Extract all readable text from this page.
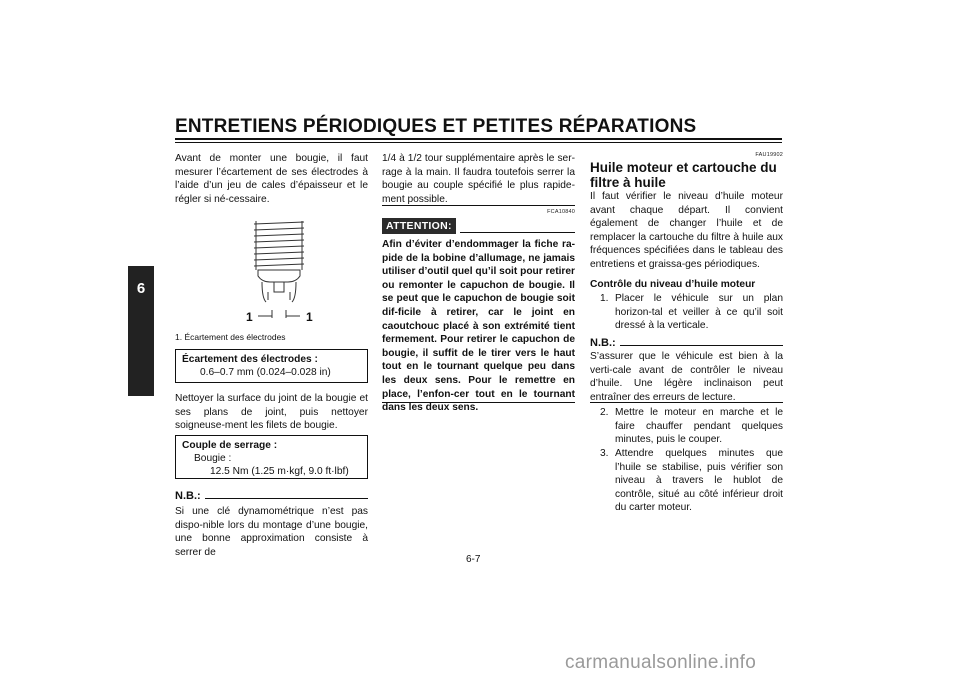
ENTRETIENS PÉRIODIQUES ET PETITES RÉPARATIONS
6
Avant de monter une bougie, il faut mesurer l’écartement de ses électrodes à l’aide d’un jeu de cales d’épaisseur et le régler si né-cessaire.
1	1
1. Écartement des électrodes
Écartement des électrodes :
0.6–0.7 mm (0.024–0.028 in)
Nettoyer la surface du joint de la bougie et ses plans de joint, puis nettoyer soigneuse-ment les filets de bougie.
Couple de serrage :
Bougie :
12.5 Nm (1.25 m·kgf, 9.0 ft·lbf)
N.B.:
Si une clé dynamométrique n’est pas dispo-nible lors du montage d’une bougie, une bonne approximation consiste à serrer de
1/4 à 1/2 tour supplémentaire après le ser-rage à la main. Il faudra toutefois serrer la bougie au couple spécifié le plus rapide-ment possible.
FCA10840
ATTENTION:
Afin d’éviter d’endommager la fiche ra-pide de la bobine d’allumage, ne jamais utiliser d’outil quel qu’il soit pour retirer ou remonter le capuchon de bougie. Il se peut que le capuchon de bougie soit dif-ficile à retirer, car le joint en caoutchouc placé à son extrémité tient fermement. Pour retirer le capuchon de bougie, il suffit de le tirer vers le haut tout en le tournant quelque peu dans les deux sens. Pour le remettre en place, l’enfon-cer tout en le tournant dans les deux sens.
FAU19902
Huile moteur et cartouche du
filtre à huile
Il faut vérifier le niveau d’huile moteur avant chaque départ. Il convient également de changer l’huile et de remplacer la cartouche du filtre à huile aux fréquences spécifiées dans le tableau des entretiens et graissa-ges périodiques.
Contrôle du niveau d’huile moteur
1. Placer le véhicule sur un plan horizon-tal et veiller à ce qu’il soit dressé à la verticale.
N.B.:
S’assurer que le véhicule est bien à la verti-cale avant de contrôler le niveau d’huile. Une légère inclinaison peut entraîner des erreurs de lecture.
2. Mettre le moteur en marche et le faire chauffer pendant quelques minutes, puis le couper.
3. Attendre quelques minutes que l’huile se stabilise, puis vérifier son niveau à travers le hublot de contrôle, situé au côté inférieur droit du carter moteur.
6-7
carmanualsonline.info
